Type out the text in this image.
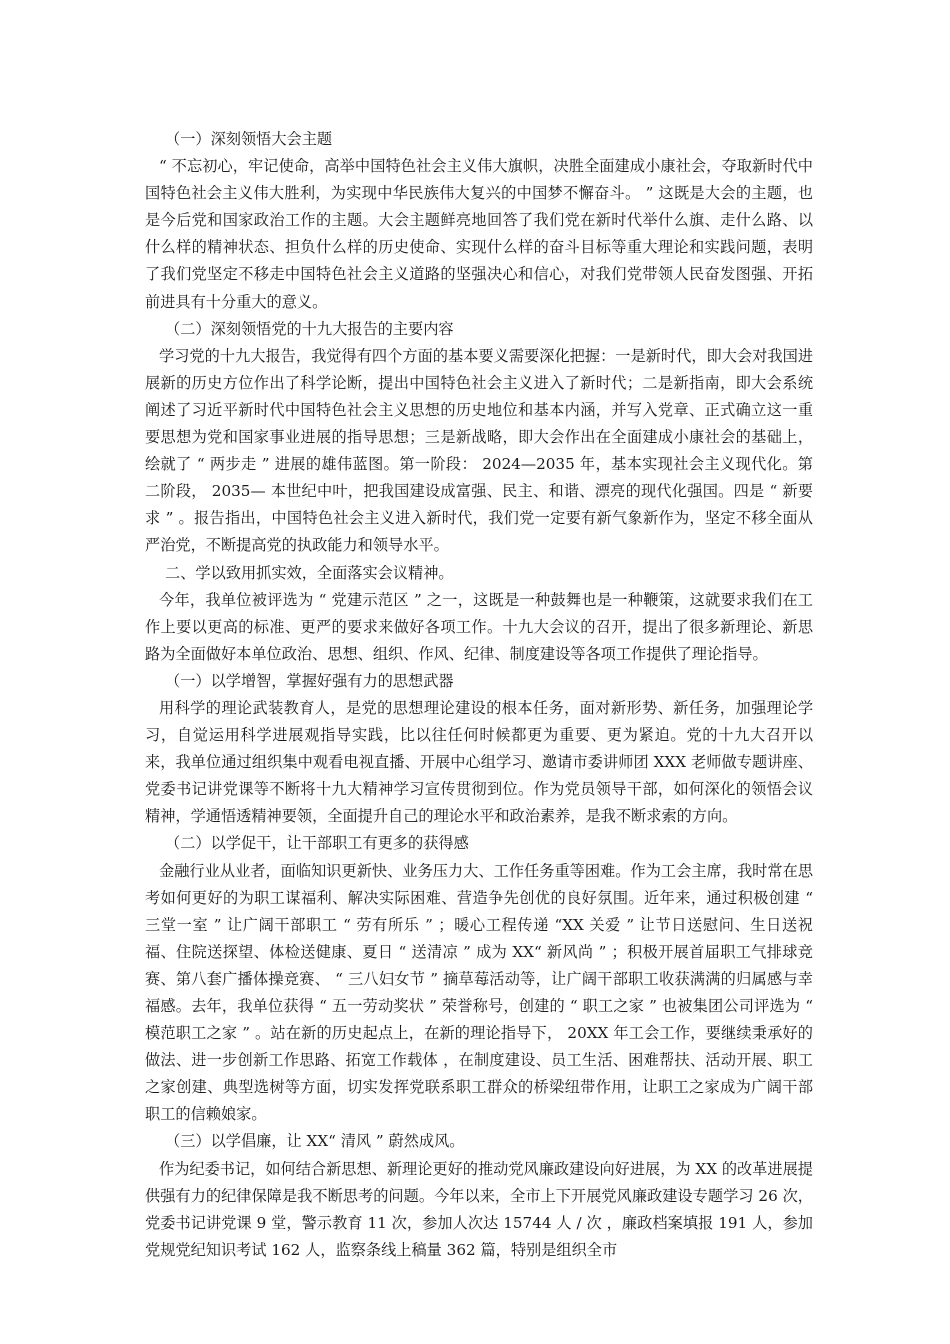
（一）深刻领悟大会主题

“ 不忘初心，牢记使命，高举中国特色社会主义伟大旗帜，决胜全面建成小康社会，夺取新时代中国特色社会主义伟大胜利，为实现中华民族伟大复兴的中国梦不懈奋斗。 ” 这既是大会的主题，也是今后党和国家政治工作的主题。大会主题鲜亮地回答了我们党在新时代举什么旗、走什么路、以什么样的精神状态、担负什么样的历史使命、实现什么样的奋斗目标等重大理论和实践问题，表明了我们党坚定不移走中国特色社会主义道路的坚强决心和信心，对我们党带领人民奋发图强、开拓前进具有十分重大的意义。

（二）深刻领悟党的十九大报告的主要内容

学习党的十九大报告，我觉得有四个方面的基本要义需要深化把握：一是新时代，即大会对我国进展新的历史方位作出了科学论断，提出中国特色社会主义进入了新时代；二是新指南，即大会系统阐述了习近平新时代中国特色社会主义思想的历史地位和基本内涵，并写入党章、正式确立这一重要思想为党和国家事业进展的指导思想；三是新战略，即大会作出在全面建成小康社会的基础上，绘就了 “ 两步走 ” 进展的雄伟蓝图。第一阶段： 2024—2035 年，基本实现社会主义现代化。第二阶段， 2035— 本世纪中叶，把我国建设成富强、民主、和谐、漂亮的现代化强国。四是 “ 新要求 ” 。报告指出，中国特色社会主义进入新时代，我们党一定要有新气象新作为，坚定不移全面从严治党，不断提高党的执政能力和领导水平。

二、学以致用抓实效，全面落实会议精神。

今年，我单位被评选为 “ 党建示范区 ” 之一，这既是一种鼓舞也是一种鞭策，这就要求我们在工作上要以更高的标准、更严的要求来做好各项工作。十九大会议的召开，提出了很多新理论、新思路为全面做好本单位政治、思想、组织、作风、纪律、制度建设等各项工作提供了理论指导。

（一）以学增智，掌握好强有力的思想武器

用科学的理论武装教育人，是党的思想理论建设的根本任务，面对新形势、新任务，加强理论学习，自觉运用科学进展观指导实践，比以往任何时候都更为重要、更为紧迫。党的十九大召开以来，我单位通过组织集中观看电视直播、开展中心组学习、邀请市委讲师团 XXX 老师做专题讲座、党委书记讲党课等不断将十九大精神学习宣传贯彻到位。作为党员领导干部，如何深化的领悟会议精神，学通悟透精神要领，全面提升自己的理论水平和政治素养，是我不断求索的方向。

（二）以学促干，让干部职工有更多的获得感

金融行业从业者，面临知识更新快、业务压力大、工作任务重等困难。作为工会主席，我时常在思考如何更好的为职工谋福利、解决实际困难、营造争先创优的良好氛围。近年来，通过积极创建 “ 三堂一室 ” 让广阔干部职工 “ 劳有所乐 ” ；暖心工程传递 “XX 关爱 ” 让节日送慰问、生日送祝福、住院送探望、体检送健康、夏日 “ 送清凉 ” 成为 XX“ 新风尚 ” ；积极开展首届职工气排球竞赛、第八套广播体操竞赛、 “ 三八妇女节 ” 摘草莓活动等，让广阔干部职工收获满满的归属感与幸福感。去年，我单位获得 “ 五一劳动奖状 ” 荣誉称号，创建的 “ 职工之家 ” 也被集团公司评选为 “ 模范职工之家 ” 。站在新的历史起点上，在新的理论指导下， 20XX 年工会工作，要继续秉承好的做法、进一步创新工作思路、拓宽工作载体 ，在制度建设、员工生活、困难帮扶、活动开展、职工之家创建、典型选树等方面，切实发挥党联系职工群众的桥梁纽带作用，让职工之家成为广阔干部职工的信赖娘家。

（三）以学倡廉，让 XX“ 清风 ” 蔚然成风。

作为纪委书记，如何结合新思想、新理论更好的推动党风廉政建设向好进展，为 XX 的改革进展提供强有力的纪律保障是我不断思考的问题。今年以来，全市上下开展党风廉政建设专题学习 26 次，党委书记讲党课 9 堂，警示教育 11 次，参加人次达 15744 人 / 次 ，廉政档案填报 191 人，参加党规党纪知识考试 162 人，监察条线上稿量 362 篇，特别是组织全市
